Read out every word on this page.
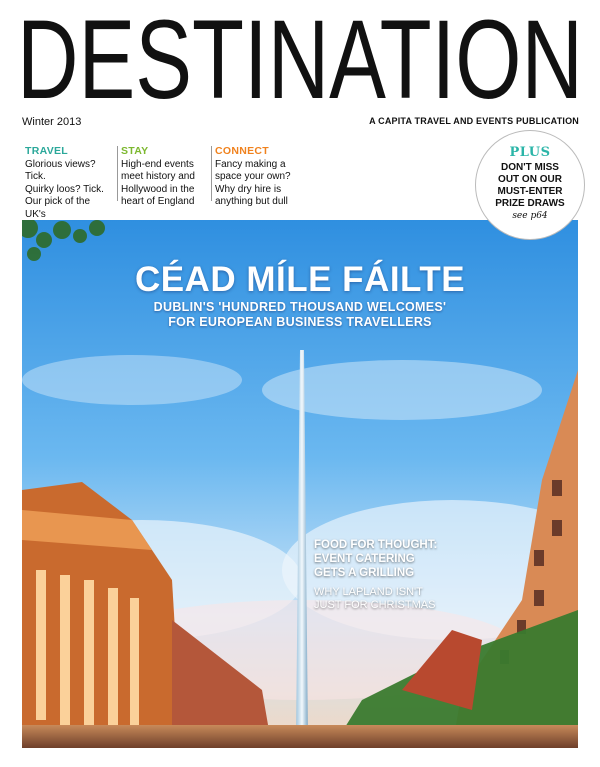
DESTINATION
Winter 2013	A CAPITA TRAVEL AND EVENTS PUBLICATION
TRAVEL
Glorious views? Tick.
Quirky loos? Tick.
Our pick of the UK's
STAY
High-end events
meet history and
Hollywood in the
heart of England
CONNECT
Fancy making a
space your own?
Why dry hire is
anything but dull
PLUS
DON'T MISS
OUT ON OUR
MUST-ENTER
PRIZE DRAWS
see p64
CÉAD MÍLE FÁILTE
DUBLIN'S 'HUNDRED THOUSAND WELCOMES'
FOR EUROPEAN BUSINESS TRAVELLERS
FOOD FOR THOUGHT:
EVENT CATERING
GETS A GRILLING
WHY LAPLAND ISN'T
JUST FOR CHRISTMAS
